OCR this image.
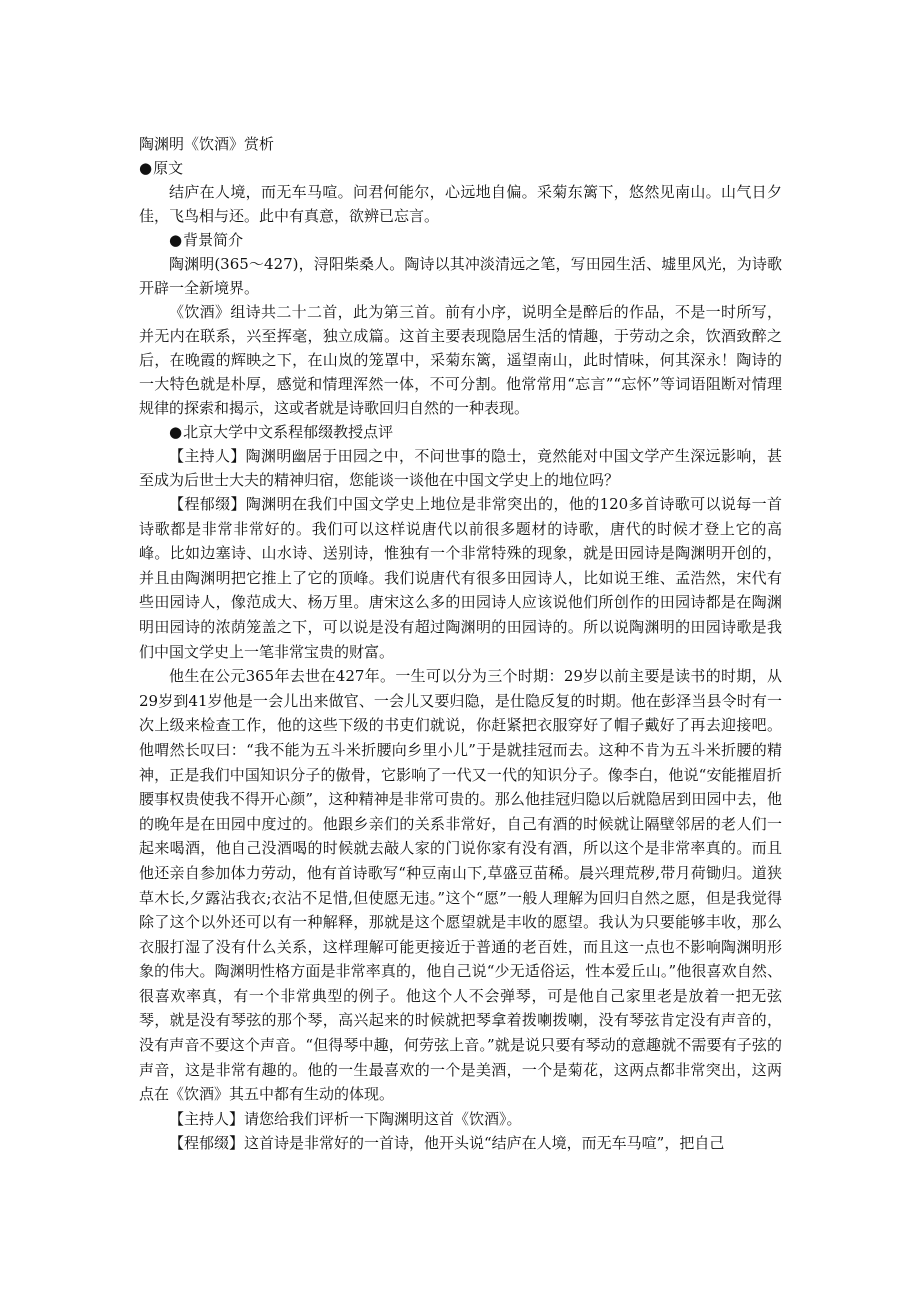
陶渊明《饮酒》赏析

●原文

结庐在人境，而无车马喧。问君何能尔，心远地自偏。采菊东篱下，悠然见南山。山气日夕佳，飞鸟相与还。此中有真意，欲辨已忘言。

●背景简介

陶渊明(365～427)，浔阳柴桑人。陶诗以其冲淡清远之笔，写田园生活、墟里风光，为诗歌开辟一全新境界。

《饮酒》组诗共二十二首，此为第三首。前有小序，说明全是醉后的作品，不是一时所写，并无内在联系，兴至挥毫，独立成篇。这首主要表现隐居生活的情趣，于劳动之余，饮酒致醉之后，在晚霞的辉映之下，在山岚的笼罩中，采菊东篱，遥望南山，此时情味，何其深永！陶诗的一大特色就是朴厚，感觉和情理浑然一体，不可分割。他常常用“忘言”“忘怀”等词语阻断对情理规律的探索和揭示，这或者就是诗歌回归自然的一种表现。

●北京大学中文系程郁缀教授点评

【主持人】陶渊明幽居于田园之中，不问世事的隐士，竟然能对中国文学产生深远影响，甚至成为后世士大夫的精神归宿，您能谈一谈他在中国文学史上的地位吗？

【程郁缀】陶渊明在我们中国文学史上地位是非常突出的，他的120多首诗歌可以说每一首诗歌都是非常非常好的。我们可以这样说唐代以前很多题材的诗歌，唐代的时候才登上它的高峰。比如边塞诗、山水诗、送别诗，惟独有一个非常特殊的现象，就是田园诗是陶渊明开创的，并且由陶渊明把它推上了它的顶峰。我们说唐代有很多田园诗人，比如说王维、孟浩然，宋代有些田园诗人，像范成大、杨万里。唐宋这么多的田园诗人应该说他们所创作的田园诗都是在陶渊明田园诗的浓荫笼盖之下，可以说是没有超过陶渊明的田园诗的。所以说陶渊明的田园诗歌是我们中国文学史上一笔非常宝贵的财富。

他生在公元365年去世在427年。一生可以分为三个时期：29岁以前主要是读书的时期，从29岁到41岁他是一会儿出来做官、一会儿又要归隐，是仕隐反复的时期。他在彭泽当县令时有一次上级来检查工作，他的这些下级的书吏们就说，你赶紧把衣服穿好了帽子戴好了再去迎接吧。他喟然长叹曰：“我不能为五斗米折腰向乡里小儿”于是就挂冠而去。这种不肯为五斗米折腰的精神，正是我们中国知识分子的傲骨，它影响了一代又一代的知识分子。像李白，他说“安能摧眉折腰事权贵使我不得开心颜”，这种精神是非常可贵的。那么他挂冠归隐以后就隐居到田园中去，他的晚年是在田园中度过的。他跟乡亲们的关系非常好，自己有酒的时候就让隔壁邻居的老人们一起来喝酒，他自己没酒喝的时候就去敲人家的门说你家有没有酒，所以这个是非常率真的。而且他还亲自参加体力劳动，他有首诗歌写“种豆南山下,草盛豆苗稀。晨兴理荒秽,带月荷锄归。道狭草木长,夕露沾我衣;衣沾不足惜,但使愿无违。”这个“愿”一般人理解为回归自然之愿，但是我觉得除了这个以外还可以有一种解释，那就是这个愿望就是丰收的愿望。我认为只要能够丰收，那么衣服打湿了没有什么关系，这样理解可能更接近于普通的老百姓，而且这一点也不影响陶渊明形象的伟大。陶渊明性格方面是非常率真的，他自己说“少无适俗运，性本爱丘山。”他很喜欢自然、很喜欢率真，有一个非常典型的例子。他这个人不会弹琴，可是他自己家里老是放着一把无弦琴，就是没有琴弦的那个琴，高兴起来的时候就把琴拿着拨喇拨喇，没有琴弦肯定没有声音的，没有声音不要这个声音。“但得琴中趣，何劳弦上音。”就是说只要有琴动的意趣就不需要有子弦的声音，这是非常有趣的。他的一生最喜欢的一个是美酒，一个是菊花，这两点都非常突出，这两点在《饮酒》其五中都有生动的体现。

【主持人】请您给我们评析一下陶渊明这首《饮酒》。

【程郁缀】这首诗是非常好的一首诗，他开头说“结庐在人境，而无车马喧”，把自己
